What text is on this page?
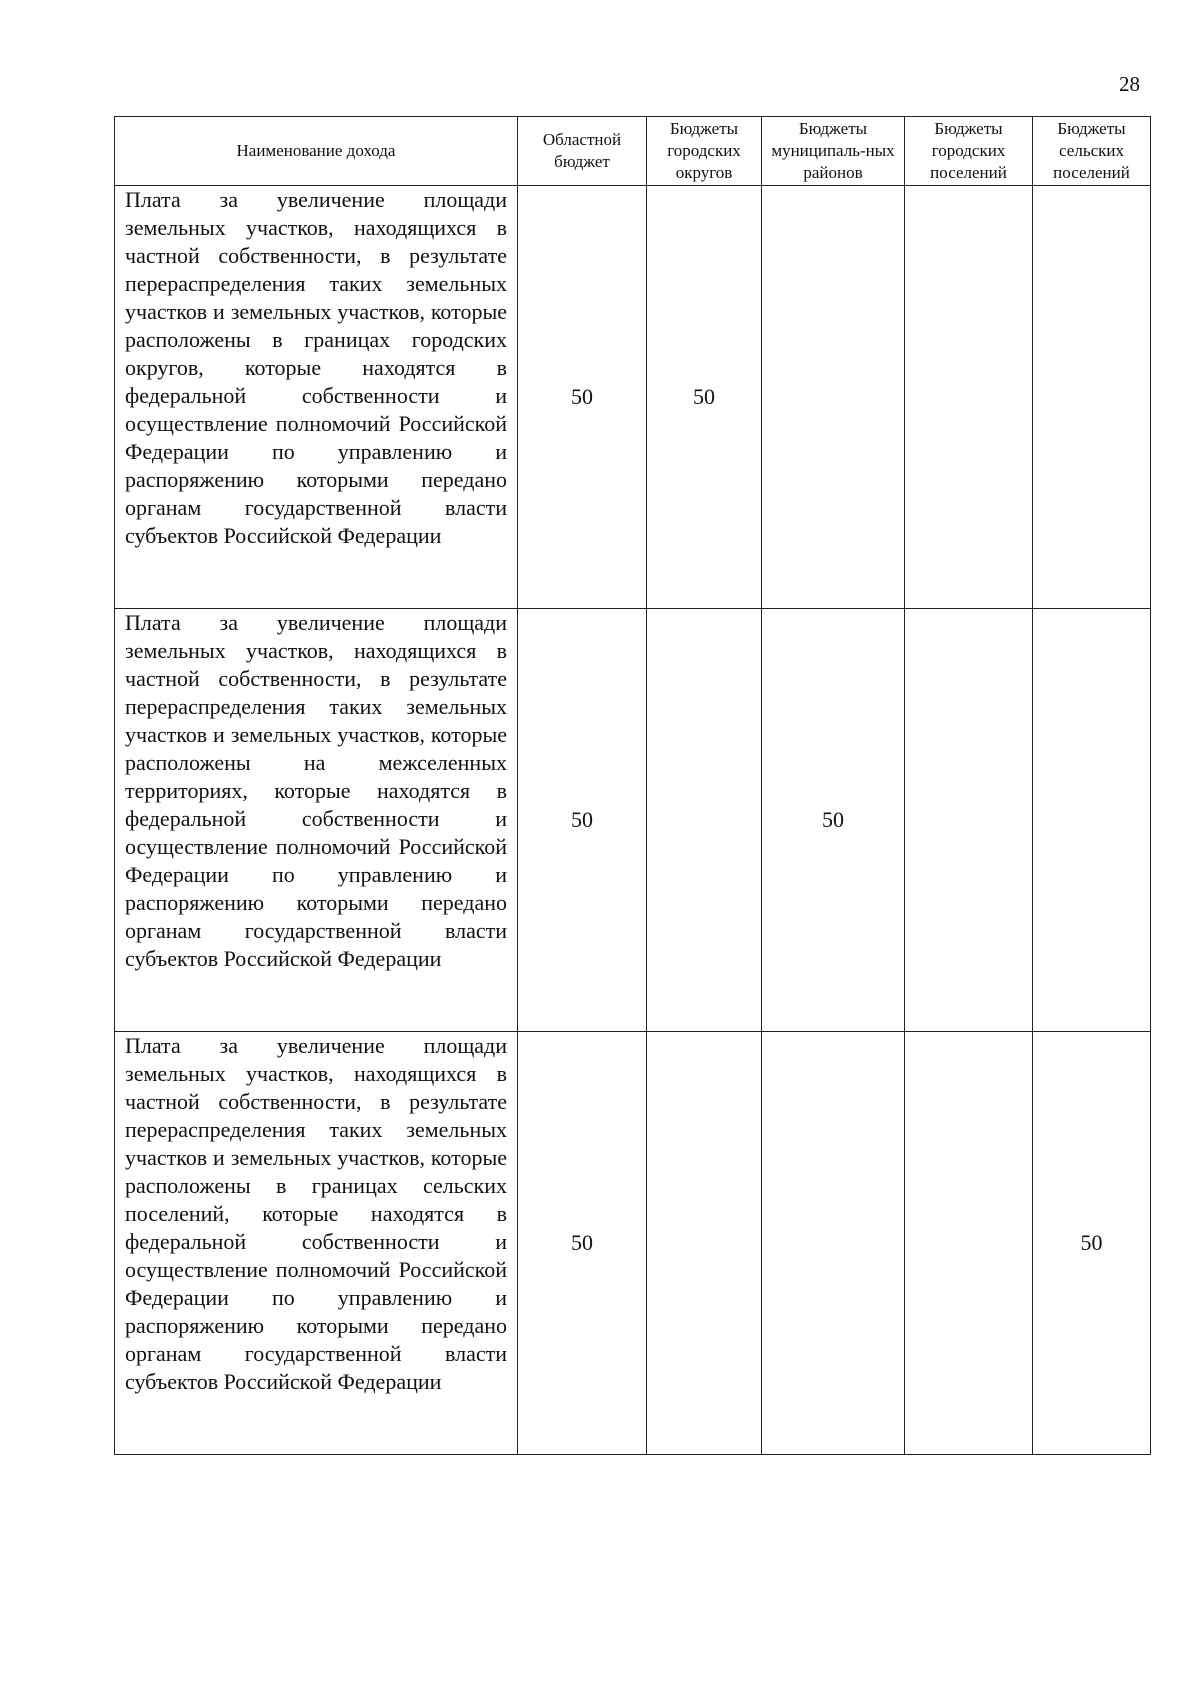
28
Наименование дохода	Областной бюджет	Бюджеты городских округов	Бюджеты муниципаль-ных районов	Бюджеты городских поселений	Бюджеты сельских поселений
Плата за увеличение площади земельных участков, находящихся в частной собственности, в результате перераспределения таких земельных участков и земельных участков, которые расположены в границах городских округов, которые находятся в федеральной собственности и осуществление полномочий Российской Федерации по управлению и распоряжению которыми передано органам государственной власти субъектов Российской Федерации	50	50			
Плата за увеличение площади земельных участков, находящихся в частной собственности, в результате перераспределения таких земельных участков и земельных участков, которые расположены на межселенных территориях, которые находятся в федеральной собственности и осуществление полномочий Российской Федерации по управлению и распоряжению которыми передано органам государственной власти субъектов Российской Федерации	50		50		
Плата за увеличение площади земельных участков, находящихся в частной собственности, в результате перераспределения таких земельных участков и земельных участков, которые расположены в границах сельских поселений, которые находятся в федеральной собственности и осуществление полномочий Российской Федерации по управлению и распоряжению которыми передано органам государственной власти субъектов Российской Федерации	50				50
